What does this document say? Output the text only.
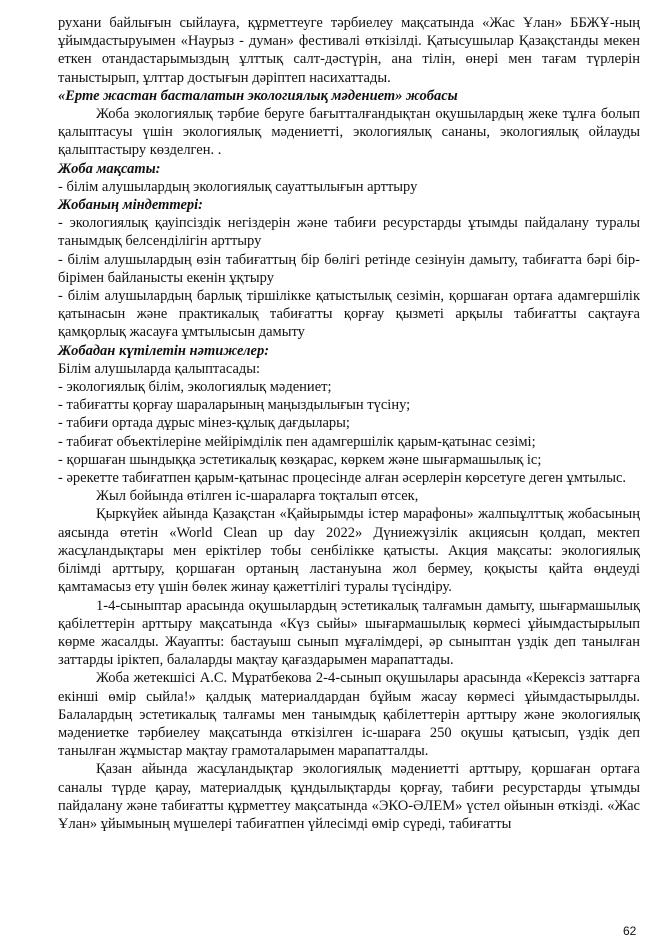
рухани байлығын сыйлауға, құрметтеуге тәрбиелеу мақсатында «Жас Ұлан» ББЖҰ-ның ұйымдастыруымен «Наурыз - думан» фестивалі өткізілді. Қатысушылар Қазақстанды мекен еткен отандастарымыздың ұлттық салт-дәстүрін, ана тілін, өнері мен тағам түрлерін таныстырып, ұлттар достығын дәріптеп насихаттады.

«Ерте жастан басталатын экологиялық мәдениет» жобасы

Жоба экологиялық тәрбие беруге бағытталғандықтан оқушылардың жеке тұлға болып қалыптасуы үшін экологиялық мәдениетті, экологиялық сананы, экологиялық ойлауды қалыптастыру көзделген. .

Жоба мақсаты:

- білім алушылардың экологиялық сауаттылығын арттыру

Жобаның міндеттері:

- экологиялық қауіпсіздік негіздерін және табиғи ресурстарды ұтымды пайдалану туралы танымдық белсенділігін арттыру

- білім алушылардың өзін табиғаттың бір бөлігі ретінде сезінуін дамыту, табиғатта бәрі бір-бірімен байланысты екенін ұқтыру

- білім алушылардың барлық тіршілікке қатыстылық сезімін, қоршаған ортаға адамгершілік қатынасын және практикалық табиғатты қорғау қызметі арқылы табиғатты сақтауға қамқорлық жасауға ұмтылысын дамыту

Жобадан күтілетін нәтижелер:

Білім алушыларда қалыптасады:

- экологиялық білім, экологиялық мәдениет;

- табиғатты қорғау шараларының маңыздылығын түсіну;

- табиғи ортада дұрыс мінез-құлық дағдылары;

- табиғат объектілеріне мейірімділік пен адамгершілік қарым-қатынас сезімі;

- қоршаған шындыққа эстетикалық көзқарас, көркем және шығармашылық іс;

- әрекетте табиғатпен қарым-қатынас процесінде алған әсерлерін көрсетуге деген ұмтылыс.

Жыл бойында өтілген іс-шараларға тоқталып өтсек,

Қыркүйек айында Қазақстан «Қайырымды істер марафоны» жалпыұлттық жобасының аясында өтетін «World Clean up day 2022» Дүниежүзілік акциясын қолдап, мектеп жасұландықтары мен еріктілер тобы сенбілікке қатысты. Акция мақсаты: экологиялық білімді арттыру, қоршаған ортаның ластануына жол бермеу, қоқысты қайта өңдеуді қамтамасыз ету үшін бөлек жинау қажеттілігі туралы түсіндіру.

1-4-сыныптар арасында оқушылардың эстетикалық талғамын дамыту, шығармашылық қабілеттерін арттыру мақсатында «Күз сыйы» шығармашылық көрмесі ұйымдастырылып көрме жасалды. Жауапты: бастауыш сынып мұғалімдері, әр сыныптан үздік деп танылған заттарды іріктеп, балаларды мақтау қағаздарымен марапаттады.

Жоба жетекшісі А.С. Мұратбекова 2-4-сынып оқушылары арасында «Керексіз заттарға екінші өмір сыйла!» қалдық материалдардан бұйым жасау көрмесі ұйымдастырылды. Балалардың эстетикалық талғамы мен танымдық қабілеттерін арттыру және экологиялық мәдениетке тәрбиелеу мақсатында өткізілген іс-шараға 250 оқушы қатысып, үздік деп танылған жұмыстар мақтау грамоталарымен марапатталды.

Қазан айында жасұландықтар экологиялық мәдениетті арттыру, қоршаған ортаға саналы түрде қарау, материалдық құндылықтарды қорғау, табиғи ресурстарды ұтымды пайдалану және табиғатты құрметтеу мақсатында «ЭКО-ӘЛЕМ» үстел ойынын өткізді. «Жас Ұлан» ұйымының мүшелері табиғатпен үйлесімді өмір сүреді, табиғатты

62
